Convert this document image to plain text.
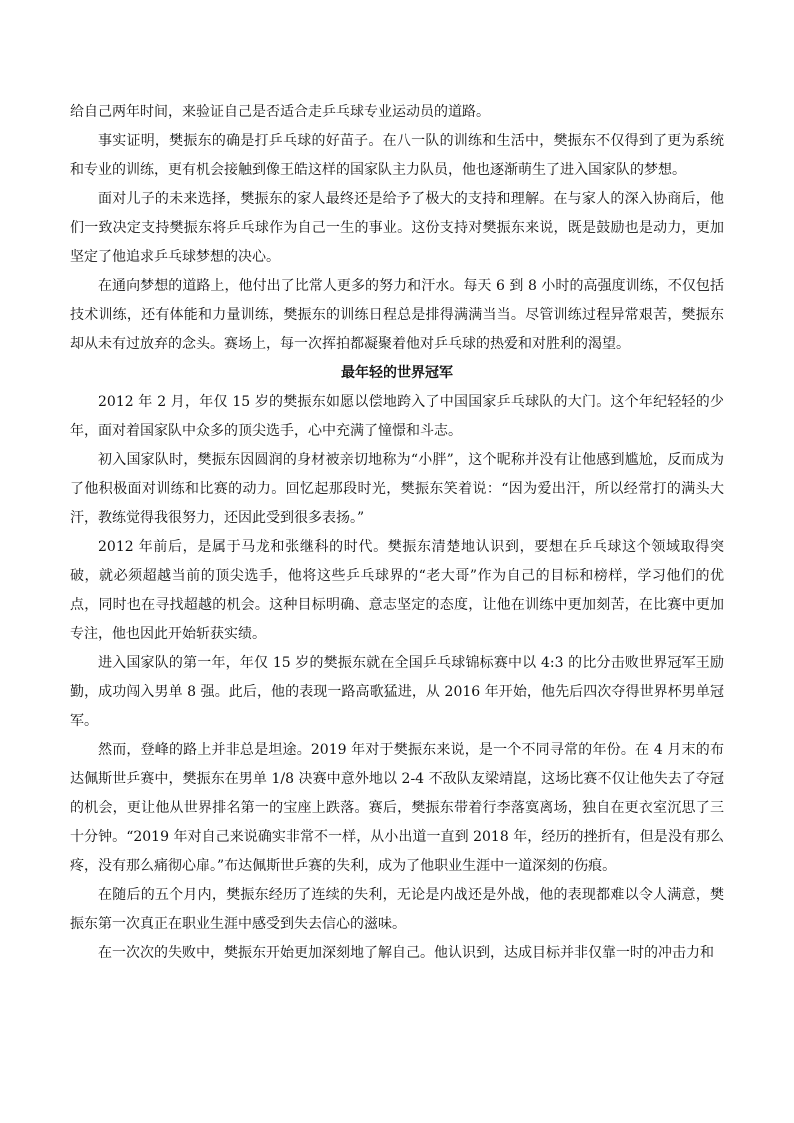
给自己两年时间，来验证自己是否适合走乒乓球专业运动员的道路。

事实证明，樊振东的确是打乒乓球的好苗子。在八一队的训练和生活中，樊振东不仅得到了更为系统和专业的训练，更有机会接触到像王皓这样的国家队主力队员，他也逐渐萌生了进入国家队的梦想。

面对儿子的未来选择，樊振东的家人最终还是给予了极大的支持和理解。在与家人的深入协商后，他们一致决定支持樊振东将乒乓球作为自己一生的事业。这份支持对樊振东来说，既是鼓励也是动力，更加坚定了他追求乒乓球梦想的决心。

在通向梦想的道路上，他付出了比常人更多的努力和汗水。每天 6 到 8 小时的高强度训练，不仅包括技术训练，还有体能和力量训练，樊振东的训练日程总是排得满满当当。尽管训练过程异常艰苦，樊振东却从未有过放弃的念头。赛场上，每一次挥拍都凝聚着他对乒乓球的热爱和对胜利的渴望。

最年轻的世界冠军

2012 年 2 月，年仅 15 岁的樊振东如愿以偿地跨入了中国国家乒乓球队的大门。这个年纪轻轻的少年，面对着国家队中众多的顶尖选手，心中充满了憧憬和斗志。

初入国家队时，樊振东因圆润的身材被亲切地称为“小胖”，这个昵称并没有让他感到尴尬，反而成为了他积极面对训练和比赛的动力。回忆起那段时光，樊振东笑着说：“因为爱出汗，所以经常打的满头大汗，教练觉得我很努力，还因此受到很多表扬。”

2012 年前后，是属于马龙和张继科的时代。樊振东清楚地认识到，要想在乒乓球这个领域取得突破，就必须超越当前的顶尖选手，他将这些乒乓球界的“老大哥”作为自己的目标和榜样，学习他们的优点，同时也在寻找超越的机会。这种目标明确、意志坚定的态度，让他在训练中更加刻苦，在比赛中更加专注，他也因此开始斩获实绩。

进入国家队的第一年，年仅 15 岁的樊振东就在全国乒乓球锦标赛中以 4:3 的比分击败世界冠军王励勤，成功闯入男单 8 强。此后，他的表现一路高歌猛进，从 2016 年开始，他先后四次夺得世界杯男单冠军。

然而，登峰的路上并非总是坦途。2019 年对于樊振东来说，是一个不同寻常的年份。在 4 月末的布达佩斯世乒赛中，樊振东在男单 1/8 决赛中意外地以 2-4 不敌队友梁靖崑，这场比赛不仅让他失去了夺冠的机会，更让他从世界排名第一的宝座上跌落。赛后，樊振东带着行李落寞离场，独自在更衣室沉思了三十分钟。“2019 年对自己来说确实非常不一样，从小出道一直到 2018 年，经历的挫折有，但是没有那么疼，没有那么痛彻心扉。”布达佩斯世乒赛的失利，成为了他职业生涯中一道深刻的伤痕。

在随后的五个月内，樊振东经历了连续的失利，无论是内战还是外战，他的表现都难以令人满意，樊振东第一次真正在职业生涯中感受到失去信心的滋味。

在一次次的失败中，樊振东开始更加深刻地了解自己。他认识到，达成目标并非仅靠一时的冲击力和
